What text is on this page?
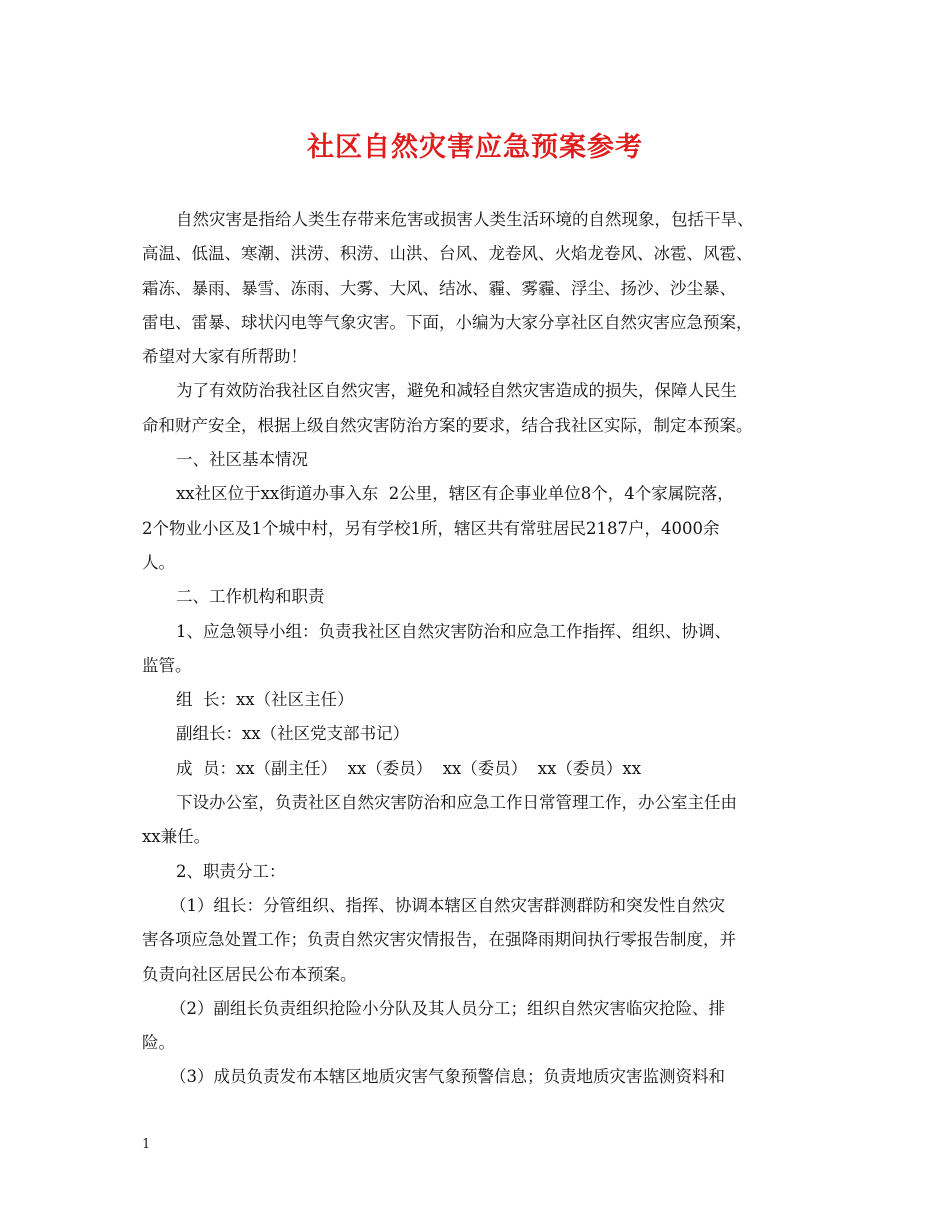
社区自然灾害应急预案参考
自然灾害是指给人类生存带来危害或损害人类生活环境的自然现象，包括干旱、
高温、低温、寒潮、洪涝、积涝、山洪、台风、龙卷风、火焰龙卷风、冰雹、风雹、
霜冻、暴雨、暴雪、冻雨、大雾、大风、结冰、霾、雾霾、浮尘、扬沙、沙尘暴、
雷电、雷暴、球状闪电等气象灾害。下面，小编为大家分享社区自然灾害应急预案，
希望对大家有所帮助！
为了有效防治我社区自然灾害，避免和减轻自然灾害造成的损失，保障人民生
命和财产安全，根据上级自然灾害防治方案的要求，结合我社区实际，制定本预案。
一、社区基本情况
xx社区位于xx街道办事入东  2公里，辖区有企事业单位8个，4个家属院落，
2个物业小区及1个城中村，另有学校1所，辖区共有常驻居民2187户，4000余
人。
二、工作机构和职责
1、应急领导小组：负责我社区自然灾害防治和应急工作指挥、组织、协调、
监管。
组  长：xx（社区主任）
副组长：xx（社区党支部书记）
成  员：xx（副主任）  xx（委员）  xx（委员）  xx（委员）xx
下设办公室，负责社区自然灾害防治和应急工作日常管理工作，办公室主任由
xx兼任。
2、职责分工：
（1）组长：分管组织、指挥、协调本辖区自然灾害群测群防和突发性自然灾
害各项应急处置工作；负责自然灾害灾情报告，在强降雨期间执行零报告制度，并
负责向社区居民公布本预案。
（2）副组长负责组织抢险小分队及其人员分工；组织自然灾害临灾抢险、排
险。
（3）成员负责发布本辖区地质灾害气象预警信息；负责地质灾害监测资料和
1
